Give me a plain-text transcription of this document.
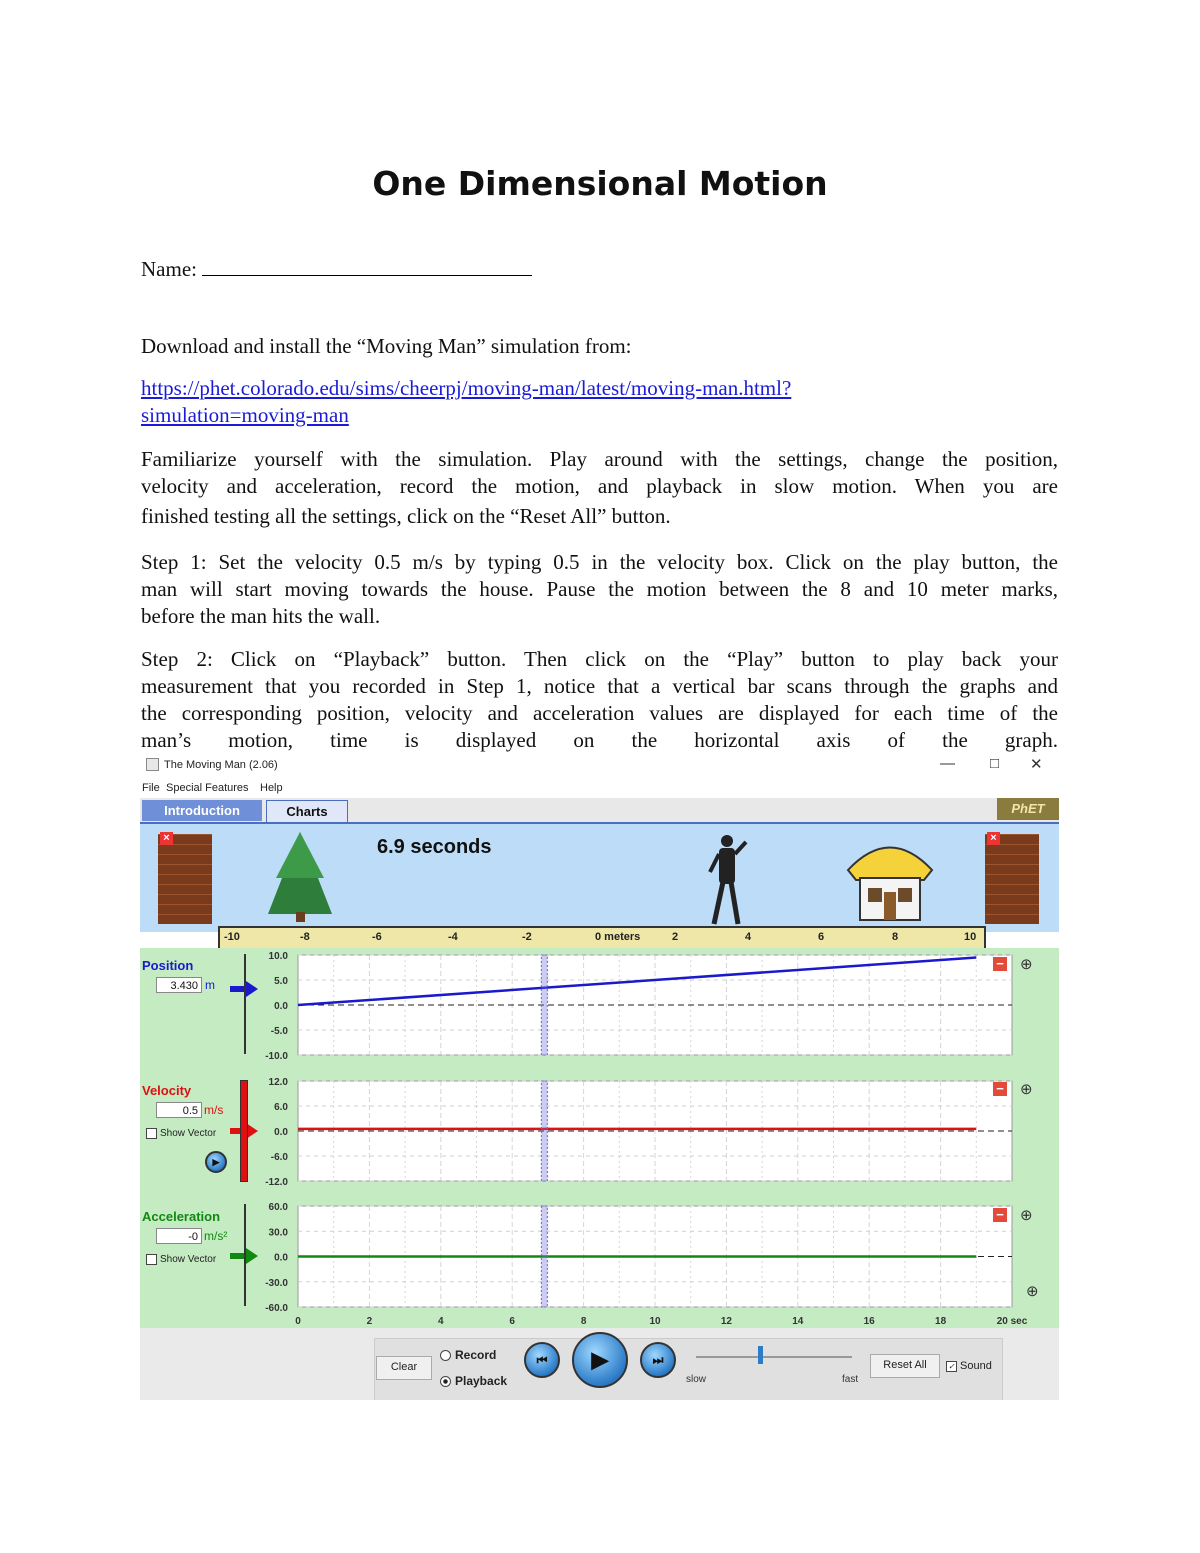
One Dimensional Motion

Name:

Download and install the “Moving Man” simulation from:

https://phet.colorado.edu/sims/cheerpj/moving-man/latest/moving-man.html?
simulation=moving-man

Familiarize yourself with the simulation. Play around with the settings, change the position,
velocity and acceleration, record the motion, and playback in slow motion. When you are
finished testing all the settings, click on the “Reset All” button.
Step 1: Set the velocity 0.5 m/s by typing 0.5 in the velocity box. Click on the play button, the
man will start moving towards the house. Pause the motion between the 8 and 10 meter marks,
before the man hits the wall.
Step 2: Click on “Playback” button. Then click on the “Play” button to play back your
measurement that you recorded in Step 1, notice that a vertical bar scans through the graphs and
the corresponding position, velocity and acceleration values are displayed for each time of the
man’s motion, time is displayed on the horizontal axis of the graph.
The Moving Man (2.06)	— □ ✕
File Special Features Help
Introduction	Charts	PhET
×	×
6.9 seconds
-10	-8	-6	-4	-2	0 meters	2	4	6	8	10
Position
3.430 m
Velocity
0.5 m/s
Show Vector
▶
Acceleration
-0 m/s²
Show Vector
10.0
5.0
0.0
-5.0
-10.0
12.0
6.0
0.0
-6.0
-12.0
60.0
30.0
0.0
-30.0
-60.0
0	2	4	6	8	10	12	14	16	18	20 sec
− ⊕
− ⊕
− ⊕
⊕
Clear
Record
Playback
⏮	▶	⏭
slow	fast
Reset All	✓ Sound
